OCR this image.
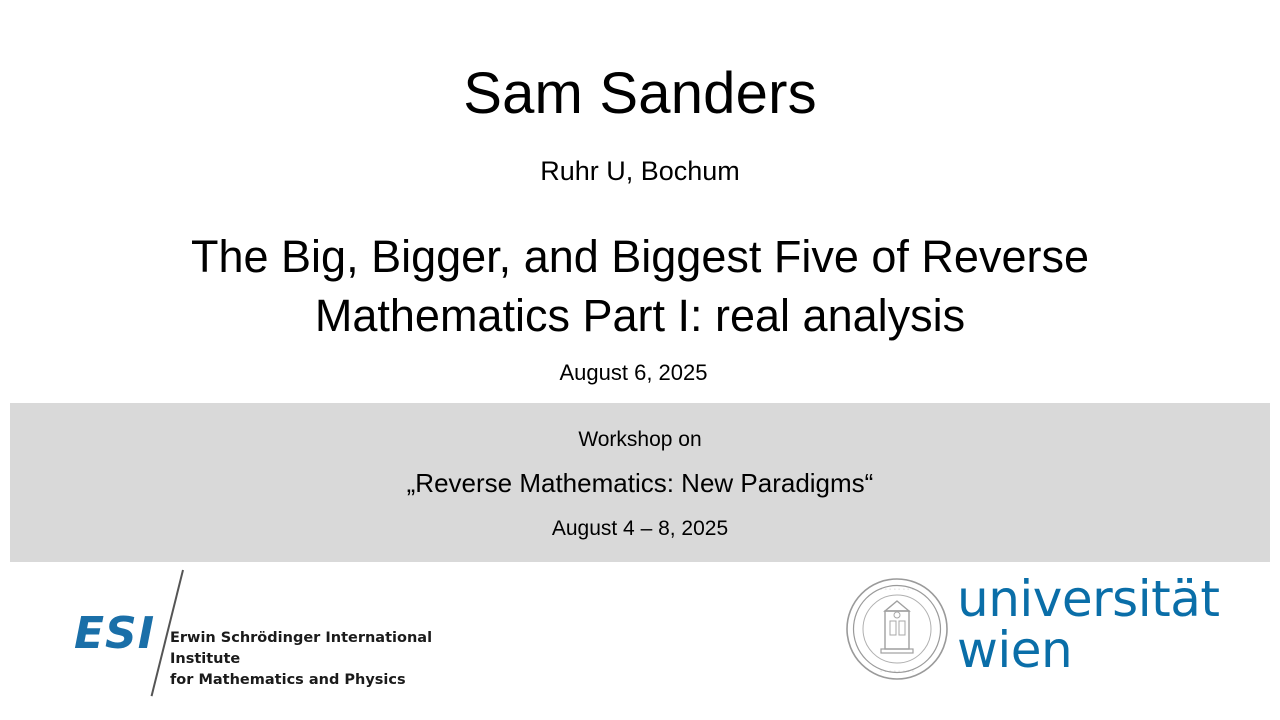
Sam Sanders
Ruhr U, Bochum
The Big, Bigger, and Biggest Five of Reverse Mathematics Part I: real analysis
August 6, 2025
Workshop on
„Reverse Mathematics: New Paradigms“
August 4 – 8, 2025
ESI Erwin Schrödinger International Institute
for Mathematics and Physics
◦ ◦ ◦ ◦ ◦ ◦ ◦ ◦
◦ ◦ ◦ ◦ ◦ ◦ ◦ ◦
universität
wien
